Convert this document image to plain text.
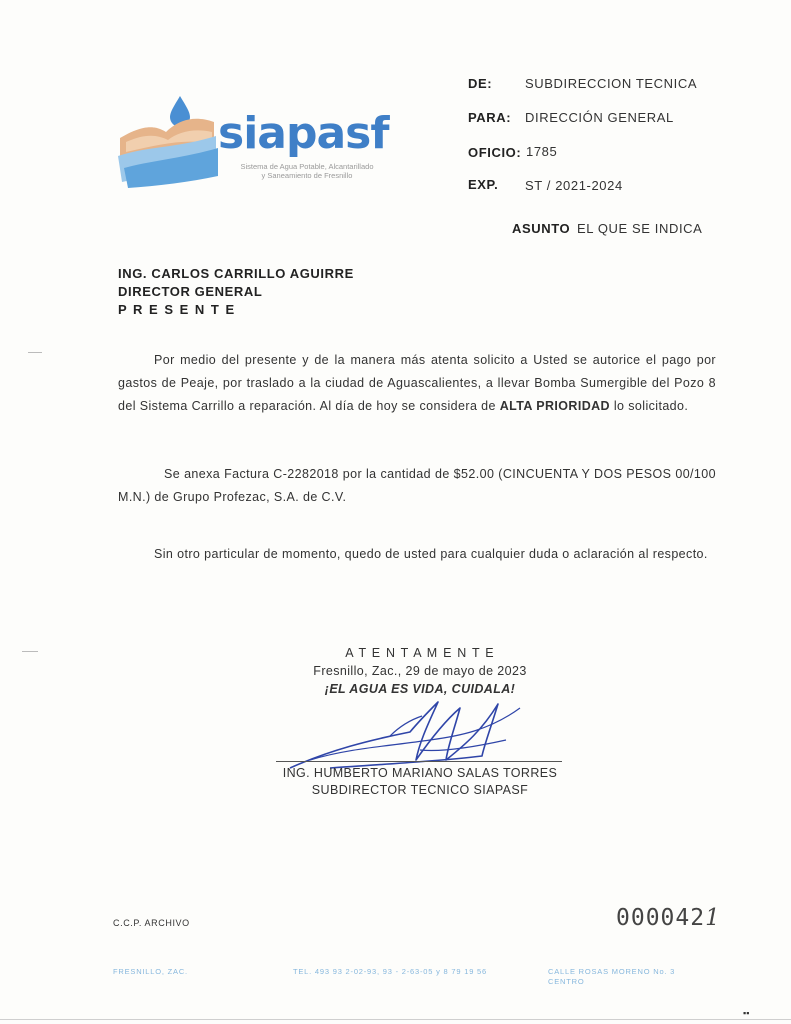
siapasf
Sistema de Agua Potable, Alcantarillado
y Saneamiento de Fresnillo
DE:	SUBDIRECCION TECNICA
PARA: DIRECCIÓN GENERAL
OFICIO: 1785
EXP. ST / 2021-2024
ASUNTO EL QUE SE INDICA
ING. CARLOS CARRILLO AGUIRRE
DIRECTOR GENERAL
P R E S E N T E
Por medio del presente y de la manera más atenta solicito a Usted se autorice el pago por gastos de Peaje, por traslado a la ciudad de Aguascalientes, a llevar Bomba Sumergible del Pozo 8 del Sistema Carrillo a reparación. Al día de hoy se considera de ALTA PRIORIDAD lo solicitado.
Se anexa Factura C-2282018 por la cantidad de $52.00 (CINCUENTA Y DOS PESOS 00/100 M.N.) de Grupo Profezac, S.A. de C.V.
Sin otro particular de momento, quedo de usted para cualquier duda o aclaración al respecto.
A T E N T A M E N T E
Fresnillo, Zac., 29 de mayo de 2023
¡EL AGUA ES VIDA, CUIDALA!
ING. HUMBERTO MARIANO SALAS TORRES
SUBDIRECTOR TECNICO SIAPASF
C.C.P. ARCHIVO	0000421
FRESNILLO, ZAC.	TEL. 493 93 2-02-93, 93 - 2-63-05 y 8 79 19 56	CALLE ROSAS MORENO No. 3
CENTRO
▪▪
